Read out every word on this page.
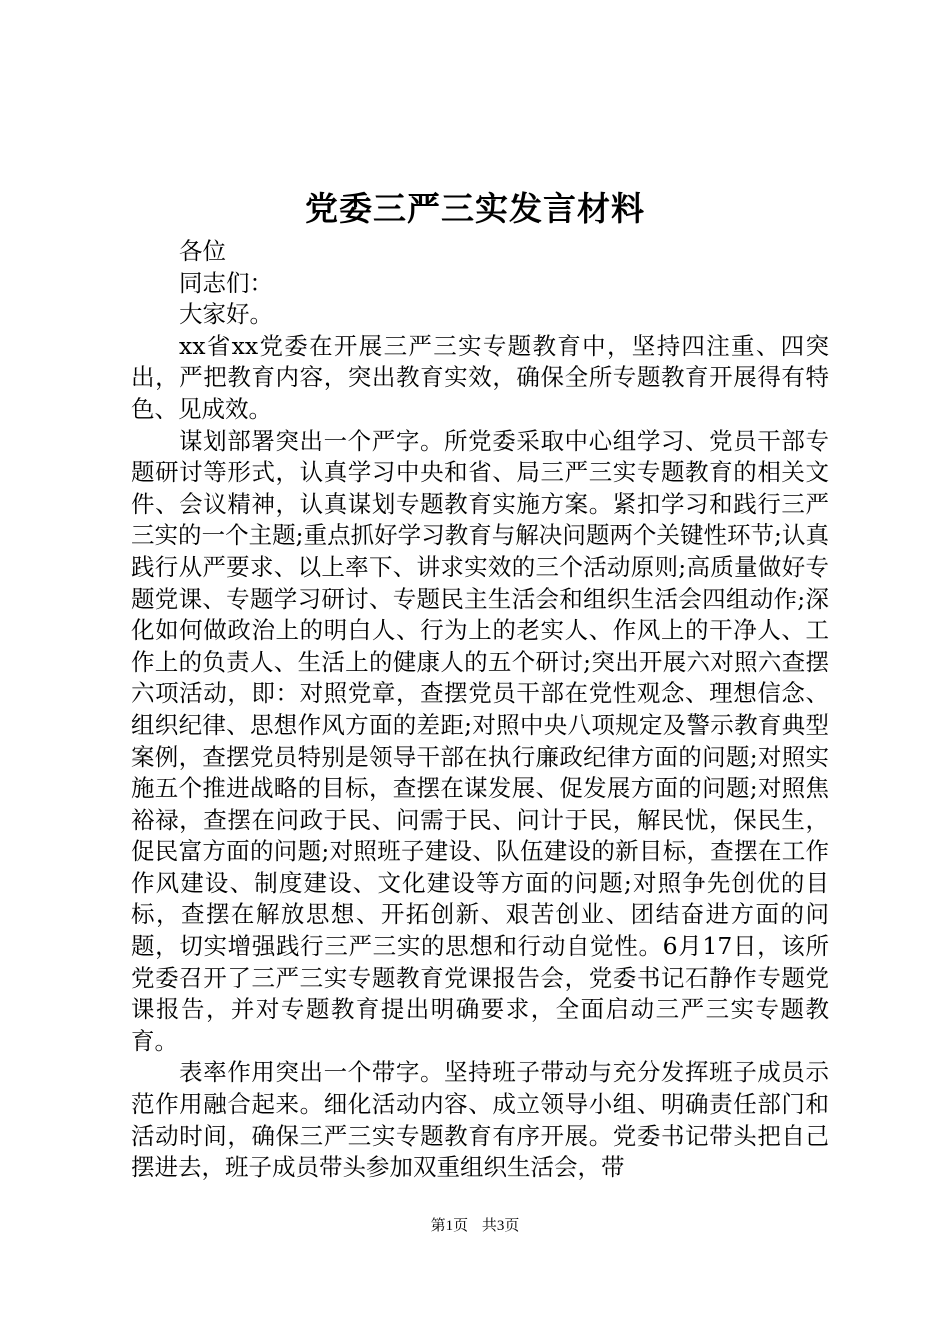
党委三严三实发言材料

各位

同志们：

大家好。

xx省xx党委在开展三严三实专题教育中，坚持四注重、四突出，严把教育内容，突出教育实效，确保全所专题教育开展得有特色、见成效。

谋划部署突出一个严字。所党委采取中心组学习、党员干部专题研讨等形式，认真学习中央和省、局三严三实专题教育的相关文件、会议精神，认真谋划专题教育实施方案。紧扣学习和践行三严三实的一个主题;重点抓好学习教育与解决问题两个关键性环节;认真践行从严要求、以上率下、讲求实效的三个活动原则;高质量做好专题党课、专题学习研讨、专题民主生活会和组织生活会四组动作;深化如何做政治上的明白人、行为上的老实人、作风上的干净人、工作上的负责人、生活上的健康人的五个研讨;突出开展六对照六查摆六项活动，即：对照党章，查摆党员干部在党性观念、理想信念、组织纪律、思想作风方面的差距;对照中央八项规定及警示教育典型案例，查摆党员特别是领导干部在执行廉政纪律方面的问题;对照实施五个推进战略的目标，查摆在谋发展、促发展方面的问题;对照焦裕禄，查摆在问政于民、问需于民、问计于民，解民忧，保民生，促民富方面的问题;对照班子建设、队伍建设的新目标，查摆在工作作风建设、制度建设、文化建设等方面的问题;对照争先创优的目标，查摆在解放思想、开拓创新、艰苦创业、团结奋进方面的问题，切实增强践行三严三实的思想和行动自觉性。6月17日，该所党委召开了三严三实专题教育党课报告会，党委书记石静作专题党课报告，并对专题教育提出明确要求，全面启动三严三实专题教育。

表率作用突出一个带字。坚持班子带动与充分发挥班子成员示范作用融合起来。细化活动内容、成立领导小组、明确责任部门和活动时间，确保三严三实专题教育有序开展。党委书记带头把自己摆进去，班子成员带头参加双重组织生活会，带

第1页 共3页
